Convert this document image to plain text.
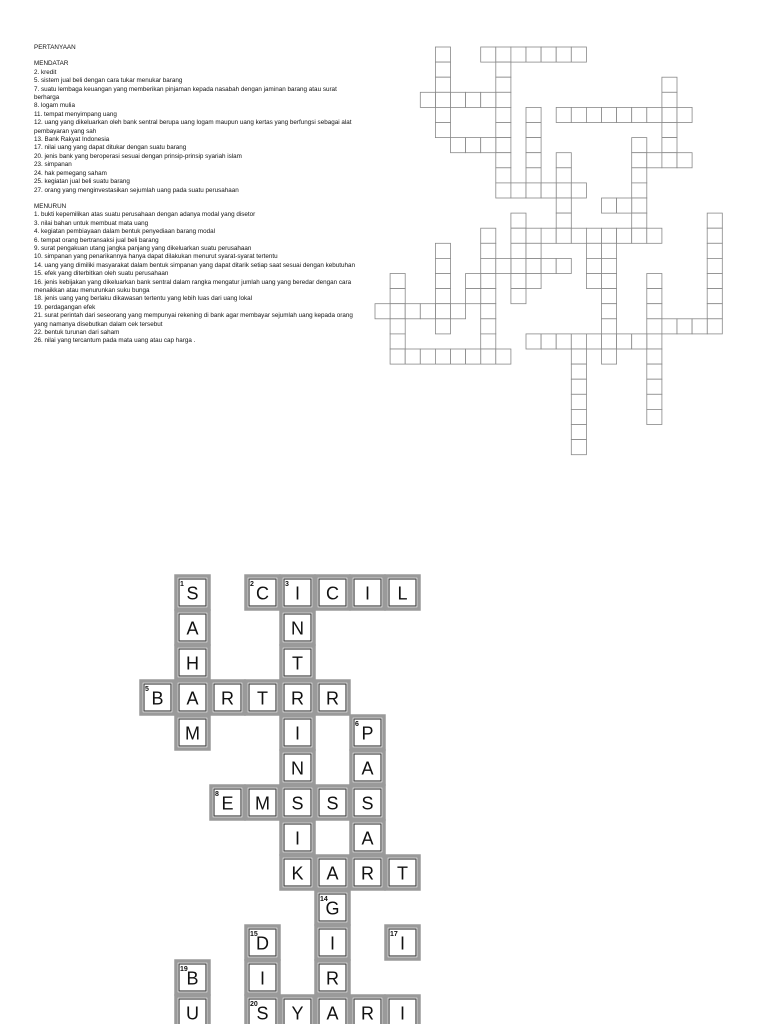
PERTANYAAN
MENDATAR
2. kredit
5. sistem jual beli dengan cara tukar menukar barang
7. suatu lembaga keuangan yang memberikan pinjaman kepada nasabah dengan jaminan barang atau surat berharga
8. logam mulia
11. tempat menyimpang uang
12. uang yang dikeluarkan oleh bank sentral berupa uang logam maupun uang kertas yang berfungsi sebagai alat pembayaran yang sah
13. Bank Rakyat Indonesia
17. nilai uang yang dapat ditukar dengan suatu barang
20. jenis bank yang beroperasi sesuai dengan prinsip-prinsip syariah islam
23. simpanan
24. hak pemegang saham
25. kegiatan jual beli suatu barang
27. orang yang menginvestasikan sejumlah uang pada suatu perusahaan
MENURUN
1. bukti kepemilikan atas suatu perusahaan dengan adanya modal yang disetor
3. nilai bahan untuk membuat mata uang
4. kegiatan pembiayaan dalam bentuk penyediaan barang modal
6. tempat orang bertransaksi jual beli barang
9. surat pengakuan utang jangka panjang yang dikeluarkan suatu perusahaan
10. simpanan yang penarikannya hanya dapat dilakukan menurut syarat-syarat tertentu
14. uang yang dimiliki masyarakat dalam bentuk simpanan yang dapat ditarik setiap saat sesuai dengan kebutuhan
15. efek yang diterbitkan oleh suatu perusahaan
16. jenis kebijakan yang dikeluarkan bank sentral dalam rangka mengatur jumlah uang yang beredar dengan cara menaikkan atau menurunkan suku bunga
18. jenis uang yang berlaku dikawasan tertentu yang lebih luas dari uang lokal
19. perdagangan efek
21. surat perintah dari seseorang yang mempunyai rekening di bank agar membayar sejumlah uang kepada orang yang namanya disebutkan dalam cek tersebut
22. bentuk turunan dari saham
26. nilai yang tercantum pada mata uang atau cap harga .
1 S
A
H
A
M
3 I C I L
N
T
R
I
N
S
I
K
5 B	R T	R
6 P
A
S
A
8 E M	S
A R T
14
G
I
R
15
D
I
17 I
19
B
U	20
S Y A R I
2 C
